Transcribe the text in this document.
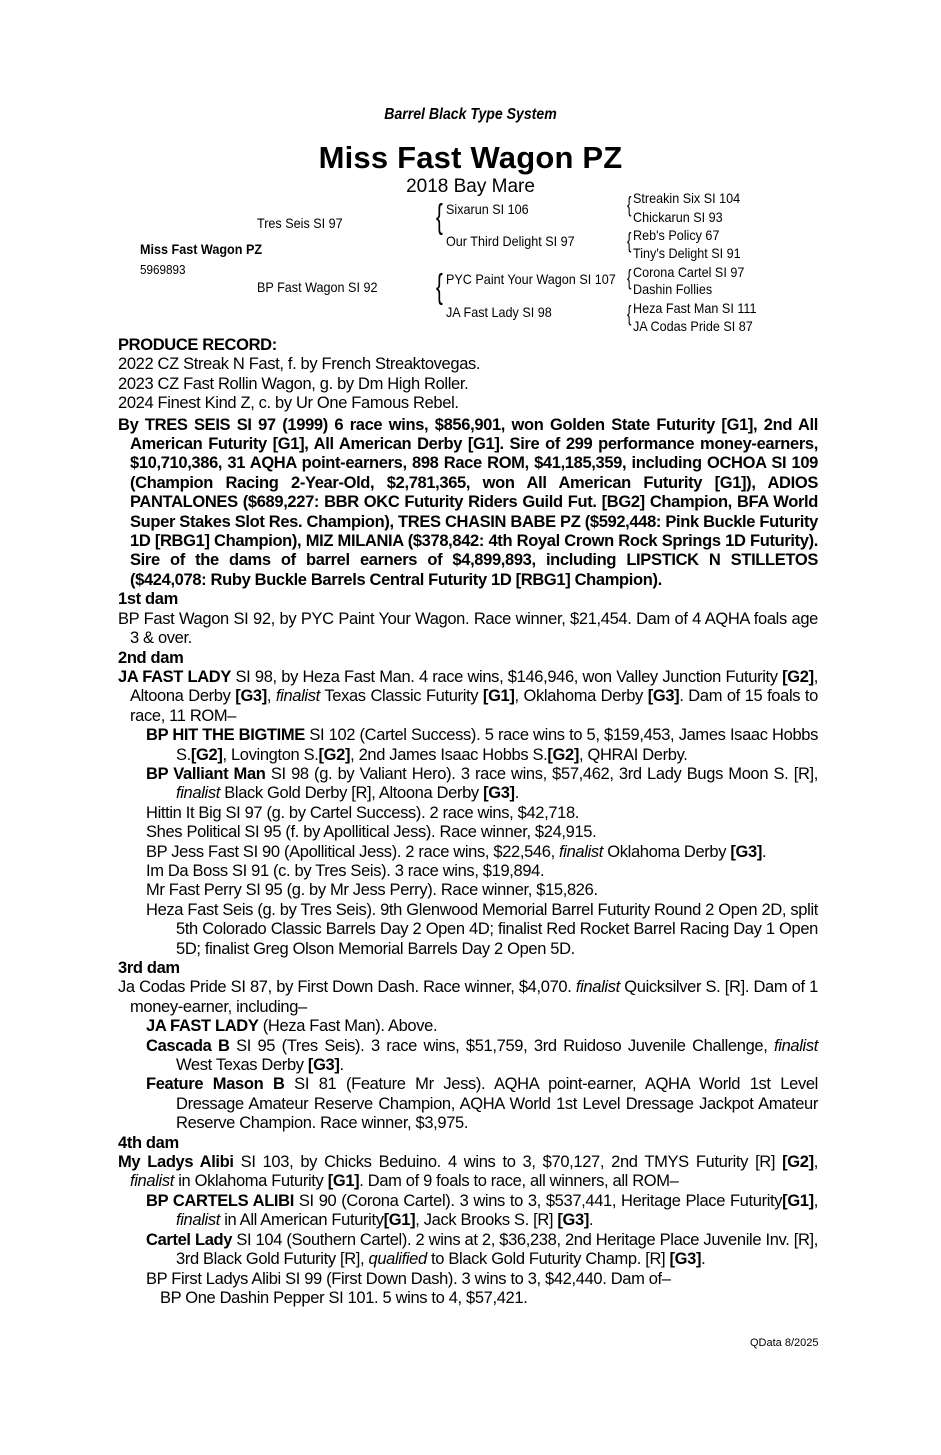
Barrel Black Type System
Miss Fast Wagon PZ
2018 Bay Mare
Miss Fast Wagon PZ
5969893
Tres Seis SI 97
BP Fast Wagon SI 92
{ Sixarun SI 106
Our Third Delight SI 97
{ PYC Paint Your Wagon SI 107
JA Fast Lady SI 98
{ Streakin Six SI 104
Chickarun SI 93
{ Reb's Policy 67
Tiny's Delight SI 91
{ Corona Cartel SI 97
Dashin Follies
{ Heza Fast Man SI 111
JA Codas Pride SI 87

PRODUCE RECORD:

2022 CZ Streak N Fast, f. by French Streaktovegas.

2023 CZ Fast Rollin Wagon, g. by Dm High Roller.

2024 Finest Kind Z, c. by Ur One Famous Rebel.

By TRES SEIS SI 97 (1999) 6 race wins, $856,901, won Golden State Futurity [G1], 2nd All American Futurity [G1], All American Derby [G1]. Sire of 299 performance money-earners, $10,710,386, 31 AQHA point-earners, 898 Race ROM, $41,185,359, including OCHOA SI 109 (Champion Racing 2-Year-Old, $2,781,365, won All American Futurity [G1]), ADIOS PANTALONES ($689,227: BBR OKC Futurity Riders Guild Fut. [BG2] Champion, BFA World Super Stakes Slot Res. Champion), TRES CHASIN BABE PZ ($592,448: Pink Buckle Futurity 1D [RBG1] Champion), MIZ MILANIA ($378,842: 4th Royal Crown Rock Springs 1D Futurity). Sire of the dams of barrel earners of $4,899,893, including LIPSTICK N STILLETOS ($424,078: Ruby Buckle Barrels Central Futurity 1D [RBG1] Champion).

1st dam

BP Fast Wagon SI 92, by PYC Paint Your Wagon. Race winner, $21,454. Dam of 4 AQHA foals age 3 & over.

2nd dam

JA FAST LADY SI 98, by Heza Fast Man. 4 race wins, $146,946, won Valley Junction Futurity [G2], Altoona Derby [G3], finalist Texas Classic Futurity [G1], Oklahoma Derby [G3]. Dam of 15 foals to race, 11 ROM–

BP HIT THE BIGTIME SI 102 (Cartel Success). 5 race wins to 5, $159,453, James Isaac Hobbs S.[G2], Lovington S.[G2], 2nd James Isaac Hobbs S.[G2], QHRAI Derby.

BP Valliant Man SI 98 (g. by Valiant Hero). 3 race wins, $57,462, 3rd Lady Bugs Moon S. [R], finalist Black Gold Derby [R], Altoona Derby [G3].

Hittin It Big SI 97 (g. by Cartel Success). 2 race wins, $42,718.

Shes Political SI 95 (f. by Apollitical Jess). Race winner, $24,915.

BP Jess Fast SI 90 (Apollitical Jess). 2 race wins, $22,546, finalist Oklahoma Derby [G3].

Im Da Boss SI 91 (c. by Tres Seis). 3 race wins, $19,894.

Mr Fast Perry SI 95 (g. by Mr Jess Perry). Race winner, $15,826.

Heza Fast Seis (g. by Tres Seis). 9th Glenwood Memorial Barrel Futurity Round 2 Open 2D, split 5th Colorado Classic Barrels Day 2 Open 4D; finalist Red Rocket Barrel Racing Day 1 Open 5D; finalist Greg Olson Memorial Barrels Day 2 Open 5D.

3rd dam

Ja Codas Pride SI 87, by First Down Dash. Race winner, $4,070. finalist Quicksilver S. [R]. Dam of 1 money-earner, including–

JA FAST LADY (Heza Fast Man). Above.

Cascada B SI 95 (Tres Seis). 3 race wins, $51,759, 3rd Ruidoso Juvenile Challenge, finalist West Texas Derby [G3].

Feature Mason B SI 81 (Feature Mr Jess). AQHA point-earner, AQHA World 1st Level Dressage Amateur Reserve Champion, AQHA World 1st Level Dressage Jackpot Amateur Reserve Champion. Race winner, $3,975.

4th dam

My Ladys Alibi SI 103, by Chicks Beduino. 4 wins to 3, $70,127, 2nd TMYS Futurity [R] [G2], finalist in Oklahoma Futurity [G1]. Dam of 9 foals to race, all winners, all ROM–

BP CARTELS ALIBI SI 90 (Corona Cartel). 3 wins to 3, $537,441, Heritage Place Futurity[G1], finalist in All American Futurity[G1], Jack Brooks S. [R] [G3].

Cartel Lady SI 104 (Southern Cartel). 2 wins at 2, $36,238, 2nd Heritage Place Juvenile Inv. [R], 3rd Black Gold Futurity [R], qualified to Black Gold Futurity Champ. [R] [G3].

BP First Ladys Alibi SI 99 (First Down Dash). 3 wins to 3, $42,440. Dam of–

BP One Dashin Pepper SI 101. 5 wins to 4, $57,421.

QData 8/2025
